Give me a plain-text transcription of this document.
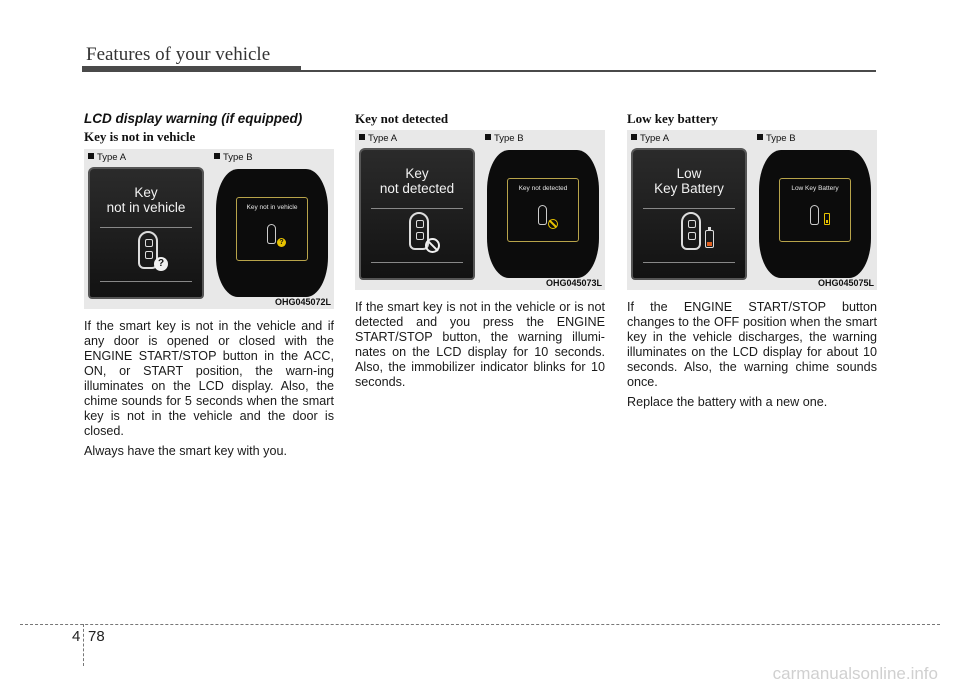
Features of your vehicle
LCD display warning (if equipped)
Key is not in vehicle
Type A
Key
not in vehicle
?
Type B
Key not in vehicle
?
OHG045072L
If the smart key is not in the vehicle and if any door is opened or closed with the ENGINE START/STOP button in the ACC, ON, or START position, the warn-ing illuminates on the LCD display. Also, the chime sounds for 5 seconds when the smart key is not in the vehicle and the door is closed.
Always have the smart key with you.
Key not detected
Type A
Key
not detected
Type B
Key not detected
OHG045073L
If the smart key is not in the vehicle or is not detected and you press the ENGINE START/STOP button, the warning illumi-nates on the LCD display for 10 seconds. Also, the immobilizer indicator blinks for 10 seconds.
Low key battery
Type A
Low
Key Battery
Type B
Low Key Battery
OHG045075L
If the ENGINE START/STOP button changes to the OFF position when the smart key in the vehicle discharges, the warning illuminates on the LCD display for about 10 seconds. Also, the warning chime sounds once.
Replace the battery with a new one.
4 78
carmanualsonline.info
